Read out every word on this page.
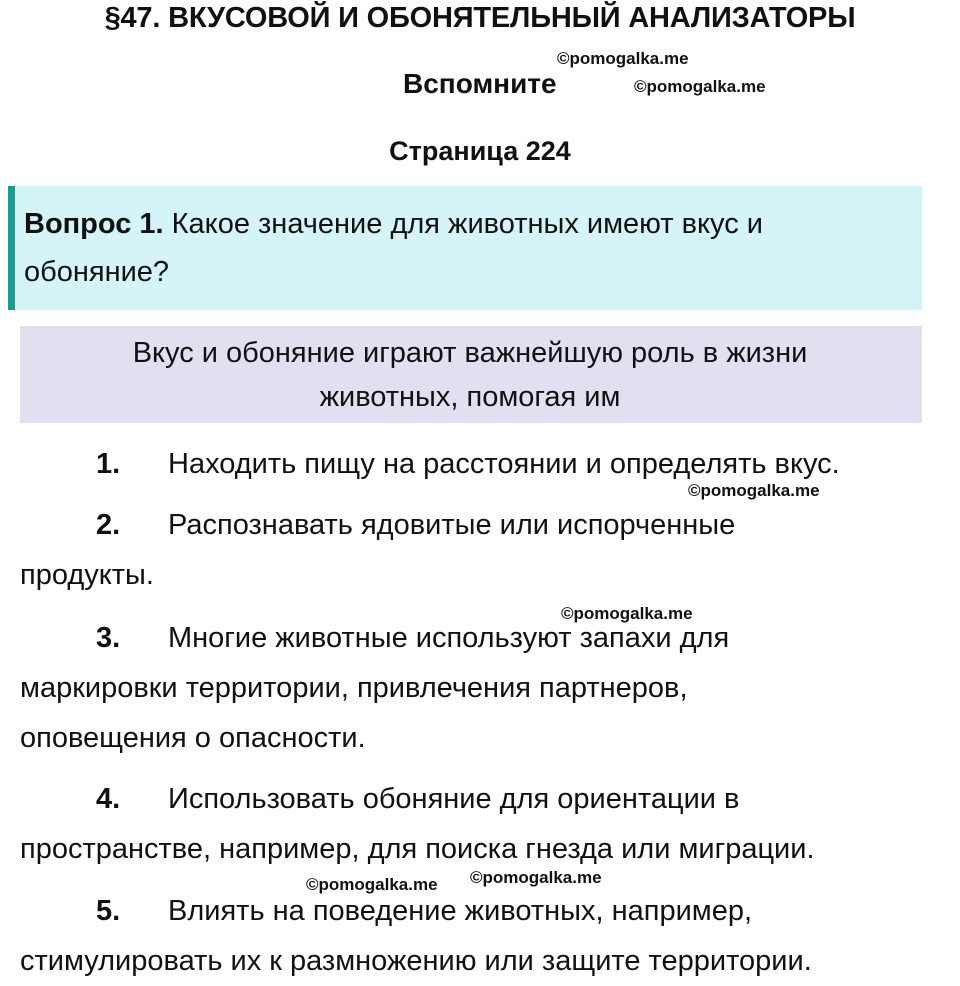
§47. ВКУСОВОЙ И ОБОНЯТЕЛЬНЫЙ АНАЛИЗАТОРЫ
©pomogalka.me
Вспомните	©pomogalka.me
Страница 224
Вопрос 1. Какое значение для животных имеют вкус и обоняние?
Вкус и обоняние играют важнейшую роль в жизни
животных, помогая им
1. Находить пищу на расстоянии и определять вкус.
©pomogalka.me
2. Распознавать ядовитые или испорченные
продукты.
©pomogalka.me
3. Многие животные используют запахи для
маркировки территории, привлечения партнеров,
оповещения о опасности.
4. Использовать обоняние для ориентации в
пространстве, например, для поиска гнезда или миграции.
©pomogalka.me ©pomogalka.me
5. Влиять на поведение животных, например,
стимулировать их к размножению или защите территории.
